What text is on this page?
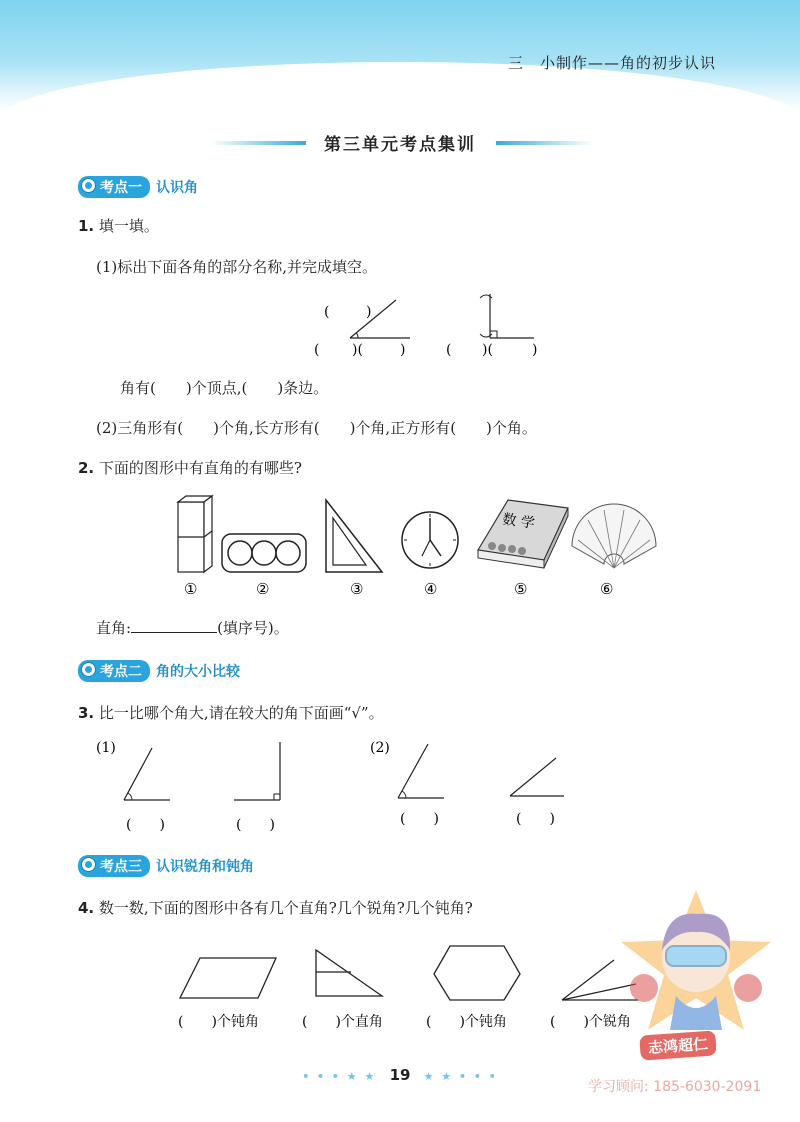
三　小制作——角的初步认识
第三单元考点集训
考点一	认识角
1. 填一填。
(1)标出下面各角的部分名称,并完成填空。
(	)
( )(	)	( )(	)
角有(　　)个顶点,(　　)条边。
(2)三角形有(　　)个角,长方形有(　　)个角,正方形有(　　)个角。
2. 下面的图形中有直角的有哪些?
数 学
①	②	③	④	⑤	⑥
直角:	(填序号)。
考点二	角的大小比较
3. 比一比哪个角大,请在较大的角下面画“√”。
(1)	(2)
(　　)	(　　)	(　　)	(　　)
考点三	认识锐角和钝角
4. 数一数,下面的图形中各有几个直角?几个锐角?几个钝角?
(　　)个钝角	(　　)个直角	(　　)个钝角	(　　)个锐角
志鸿超仁
• • • ★ ★ 19 ★ ★ • • •
学习顾问: 185-6030-2091
